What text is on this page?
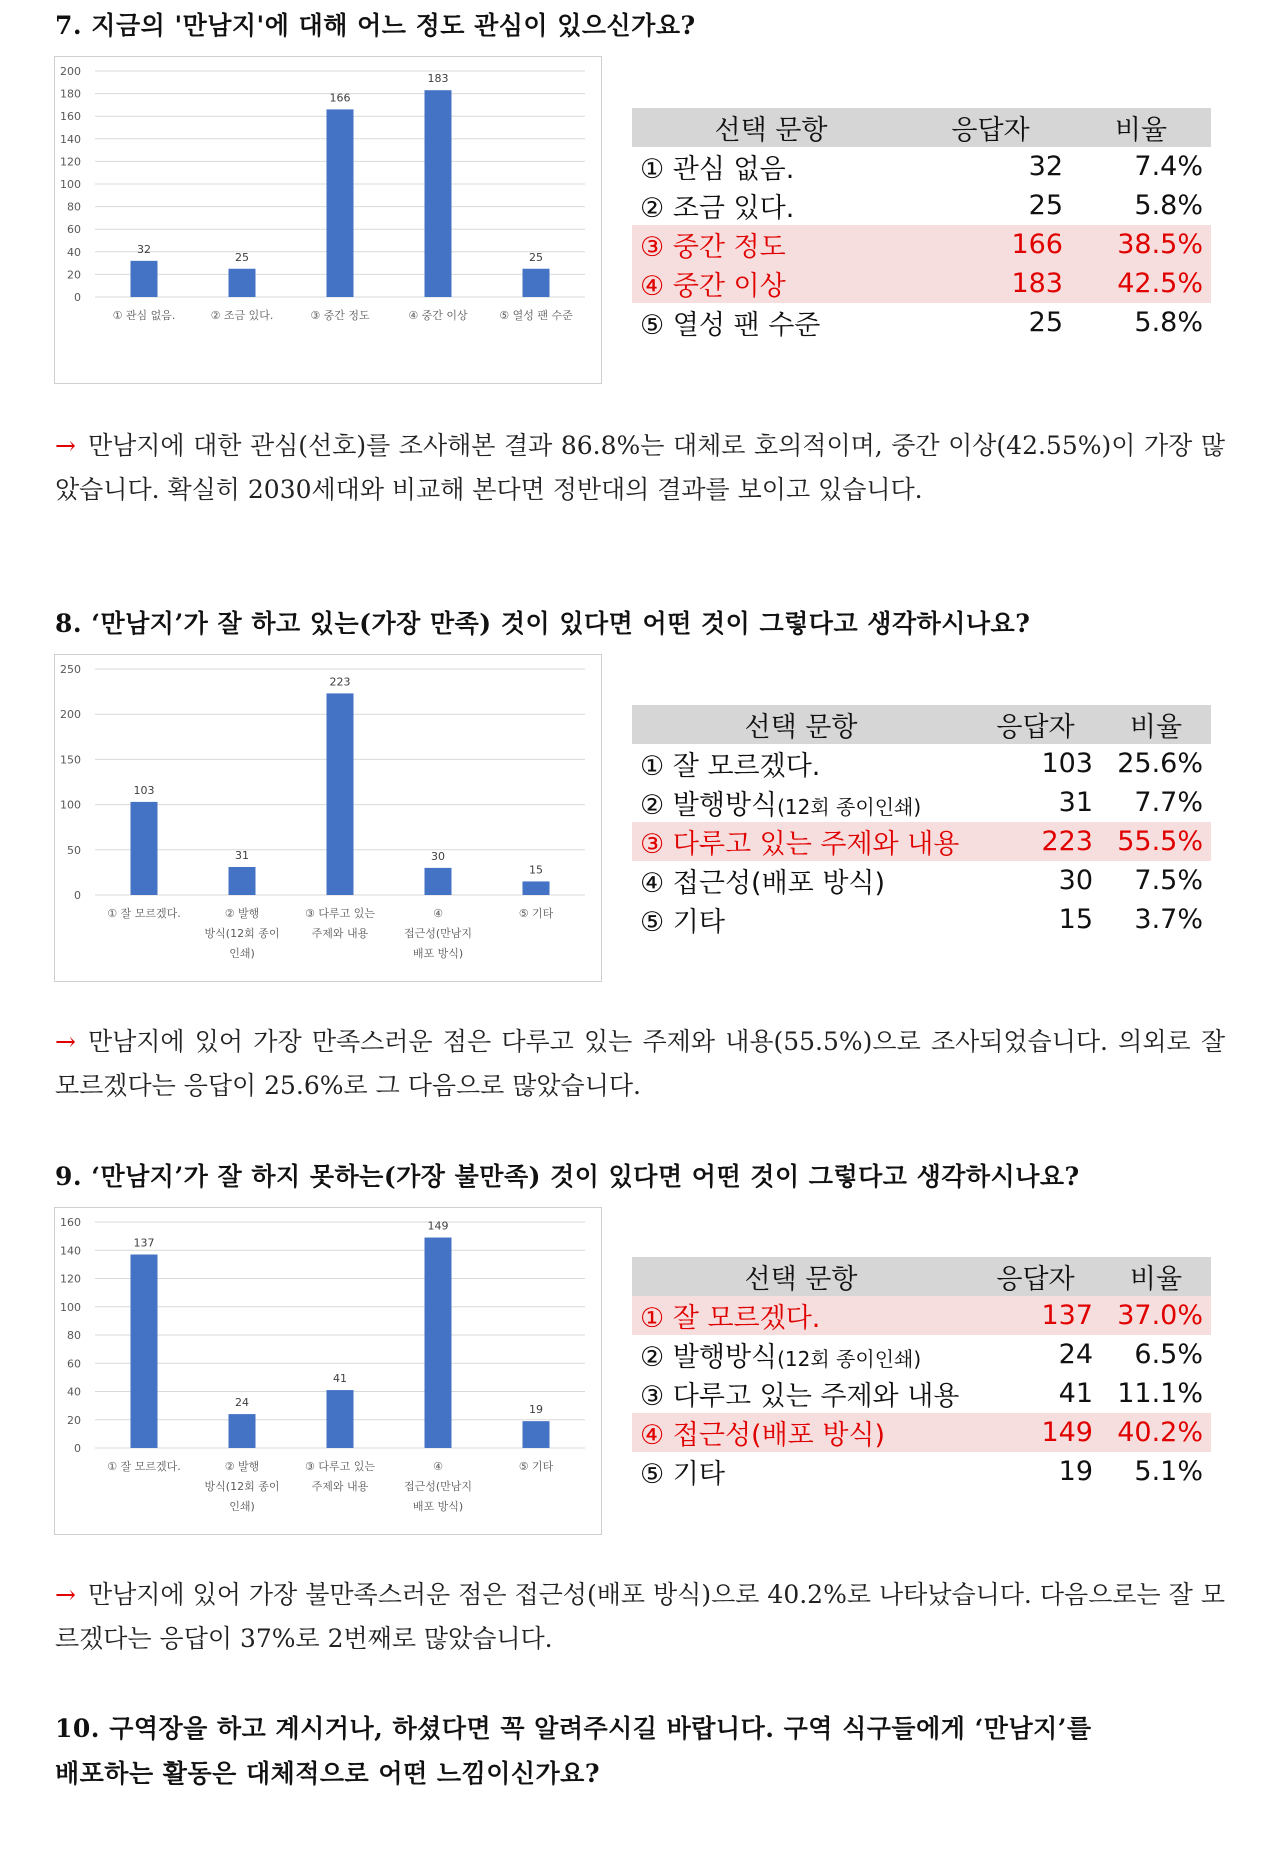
7. 지금의 '만남지'에 대해 어느 정도 관심이 있으신가요?
0
20
40
60
80
100
120
140
160
180
200
32
① 관심 없음.
25
② 조금 있다.
166
③ 중간 정도
183
④ 중간 이상
25
⑤ 열성 팬 수준
선택 문항	응답자	비율
① 관심 없음.	32	7.4%
② 조금 있다.	25	5.8%
③ 중간 정도	166	38.5%
④ 중간 이상	183	42.5%
⑤ 열성 팬 수준	25	5.8%
→ 만남지에 대한 관심(선호)를 조사해본 결과 86.8%는 대체로 호의적이며, 중간 이상(42.55%)이 가장 많았습니다. 확실히 2030세대와 비교해 본다면 정반대의 결과를 보이고 있습니다.
8. ‘만남지’가 잘 하고 있는(가장 만족) 것이 있다면 어떤 것이 그렇다고 생각하시나요?
0
50
100
150
200
250
103
① 잘 모르겠다.
31
② 발행
방식(12회 종이
인쇄)
223
③ 다루고 있는
주제와 내용
30
④
접근성(만남지
배포 방식)
15
⑤ 기타
선택 문항	응답자	비율
① 잘 모르겠다.	103	25.6%
② 발행방식(12회 종이인쇄)	31	7.7%
③ 다루고 있는 주제와 내용	223	55.5%
④ 접근성(배포 방식)	30	7.5%
⑤ 기타	15	3.7%
→ 만남지에 있어 가장 만족스러운 점은 다루고 있는 주제와 내용(55.5%)으로 조사되었습니다. 의외로 잘 모르겠다는 응답이 25.6%로 그 다음으로 많았습니다.
9. ‘만남지’가 잘 하지 못하는(가장 불만족) 것이 있다면 어떤 것이 그렇다고 생각하시나요?
0
20
40
60
80
100
120
140
160
137
① 잘 모르겠다.
24
② 발행
방식(12회 종이
인쇄)
41
③ 다루고 있는
주제와 내용
149
④
접근성(만남지
배포 방식)
19
⑤ 기타
선택 문항	응답자	비율
① 잘 모르겠다.	137	37.0%
② 발행방식(12회 종이인쇄)	24	6.5%
③ 다루고 있는 주제와 내용	41	11.1%
④ 접근성(배포 방식)	149	40.2%
⑤ 기타	19	5.1%
→ 만남지에 있어 가장 불만족스러운 점은 접근성(배포 방식)으로 40.2%로 나타났습니다. 다음으로는 잘 모르겠다는 응답이 37%로 2번째로 많았습니다.
10. 구역장을 하고 계시거나, 하셨다면 꼭 알려주시길 바랍니다. 구역 식구들에게 ‘만남지’를
배포하는 활동은 대체적으로 어떤 느낌이신가요?
